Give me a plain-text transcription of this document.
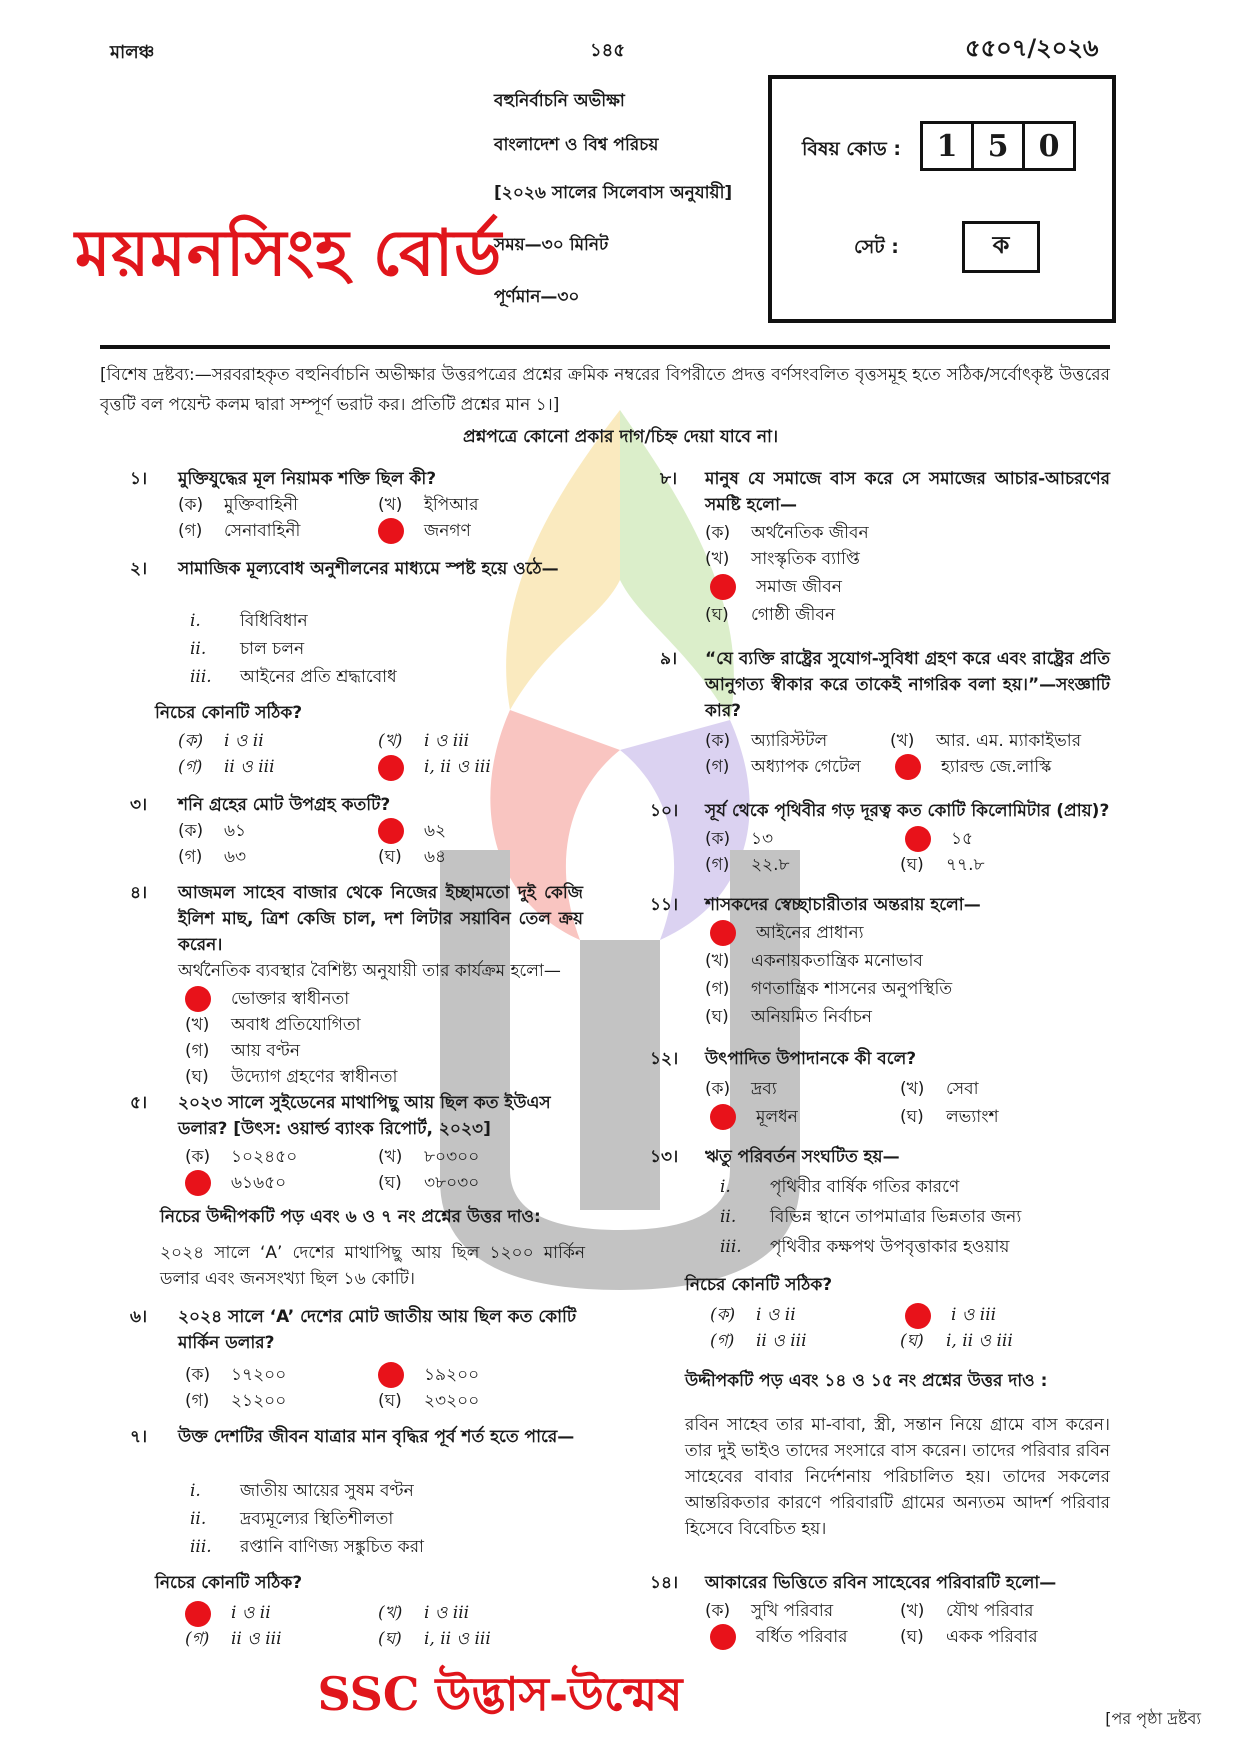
মালঞ্চ	১৪৫	৫৫০৭/২০২৬
বহুনির্বাচনি অভীক্ষা
বাংলাদেশ ও বিশ্ব পরিচয়
[২০২৬ সালের সিলেবাস অনুযায়ী]
সময়—৩০ মিনিট
পূর্ণমান—৩০
ময়মনসিংহ বোর্ড
বিষয় কোড :	1	5	0
সেট :	ক
[বিশেষ দ্রষ্টব্য:—সরবরাহকৃত বহুনির্বাচনি অভীক্ষার উত্তরপত্রের প্রশ্নের ক্রমিক নম্বরের বিপরীতে প্রদত্ত বর্ণসংবলিত বৃত্তসমূহ হতে সঠিক/সর্বোৎকৃষ্ট উত্তরের বৃত্তটি বল পয়েন্ট কলম দ্বারা সম্পূর্ণ ভরাট কর। প্রতিটি প্রশ্নের মান ১।]
প্রশ্নপত্রে কোনো প্রকার দাগ/চিহ্ন দেয়া যাবে না।
১। মুক্তিযুদ্ধের মূল নিয়ামক শক্তি ছিল কী?
(ক) মুক্তিবাহিনী	(খ) ইপিআর
(গ) সেনাবাহিনী	জনগণ
২। সামাজিক মূল্যবোধ অনুশীলনের মাধ্যমে স্পষ্ট হয়ে ওঠে—
i. বিধিবিধান
ii. চাল চলন
iii. আইনের প্রতি শ্রদ্ধাবোধ
নিচের কোনটি সঠিক?
(ক) i ও ii	(খ) i ও iii
(গ) ii ও iii	i, ii ও iii
৩। শনি গ্রহের মোট উপগ্রহ কতটি?
(ক) ৬১	৬২
(গ) ৬৩	(ঘ) ৬৪
৪। আজমল সাহেব বাজার থেকে নিজের ইচ্ছামতো দুই কেজি ইলিশ মাছ, ত্রিশ কেজি চাল, দশ লিটার সয়াবিন তেল ক্রয় করেন।
অর্থনৈতিক ব্যবস্থার বৈশিষ্ট্য অনুযায়ী তার কার্যক্রম হলো—
ভোক্তার স্বাধীনতা
(খ) অবাধ প্রতিযোগিতা
(গ) আয় বণ্টন
(ঘ) উদ্যোগ গ্রহণের স্বাধীনতা
৫। ২০২৩ সালে সুইডেনের মাথাপিছু আয় ছিল কত ইউএস ডলার? [উৎস: ওয়ার্ল্ড ব্যাংক রিপোর্ট, ২০২৩]
(ক) ১০২৪৫০	(খ) ৮০৩০০
৬১৬৫০	(ঘ) ৩৮০৩০
নিচের উদ্দীপকটি পড় এবং ৬ ও ৭ নং প্রশ্নের উত্তর দাও:
২০২৪ সালে ‘A’ দেশের মাথাপিছু আয় ছিল ১২০০ মার্কিন ডলার এবং জনসংখ্যা ছিল ১৬ কোটি।
৬। ২০২৪ সালে ‘A’ দেশের মোট জাতীয় আয় ছিল কত কোটি মার্কিন ডলার?
(ক) ১৭২০০	১৯২০০
(গ) ২১২০০	(ঘ) ২৩২০০
৭। উক্ত দেশটির জীবন যাত্রার মান বৃদ্ধির পূর্ব শর্ত হতে পারে—
i. জাতীয় আয়ের সুষম বণ্টন
ii. দ্রব্যমূল্যের স্থিতিশীলতা
iii. রপ্তানি বাণিজ্য সঙ্কুচিত করা
নিচের কোনটি সঠিক?
i ও ii	(খ) i ও iii
(গ) ii ও iii	(ঘ) i, ii ও iii
৮। মানুষ যে সমাজে বাস করে সে সমাজের আচার-আচরণের সমষ্টি হলো—
(ক) অর্থনৈতিক জীবন
(খ) সাংস্কৃতিক ব্যাপ্তি
সমাজ জীবন
(ঘ) গোষ্ঠী জীবন
৯। “যে ব্যক্তি রাষ্ট্রের সুযোগ-সুবিধা গ্রহণ করে এবং রাষ্ট্রের প্রতি আনুগত্য স্বীকার করে তাকেই নাগরিক বলা হয়।”—সংজ্ঞাটি কার?
(ক) অ্যারিস্টটল	(খ) আর. এম. ম্যাকাইভার
(গ) অধ্যাপক গেটেল	হ্যারল্ড জে.লাস্কি
১০। সূর্য থেকে পৃথিবীর গড় দূরত্ব কত কোটি কিলোমিটার (প্রায়)?
(ক) ১৩	১৫
(গ) ২২.৮	(ঘ) ৭৭.৮
১১। শাসকদের স্বেচ্ছাচারীতার অন্তরায় হলো—
আইনের প্রাধান্য
(খ) একনায়কতান্ত্রিক মনোভাব
(গ) গণতান্ত্রিক শাসনের অনুপস্থিতি
(ঘ) অনিয়মিত নির্বাচন
১২। উৎপাদিত উপাদানকে কী বলে?
(ক) দ্রব্য	(খ) সেবা
মূলধন	(ঘ) লভ্যাংশ
১৩। ঋতু পরিবর্তন সংঘটিত হয়—
i. পৃথিবীর বার্ষিক গতির কারণে
ii. বিভিন্ন স্থানে তাপমাত্রার ভিন্নতার জন্য
iii. পৃথিবীর কক্ষপথ উপবৃত্তাকার হওয়ায়
নিচের কোনটি সঠিক?
(ক) i ও ii	i ও iii
(গ) ii ও iii	(ঘ) i, ii ও iii
উদ্দীপকটি পড় এবং ১৪ ও ১৫ নং প্রশ্নের উত্তর দাও :
রবিন সাহেব তার মা-বাবা, স্ত্রী, সন্তান নিয়ে গ্রামে বাস করেন। তার দুই ভাইও তাদের সংসারে বাস করেন। তাদের পরিবার রবিন সাহেবের বাবার নির্দেশনায় পরিচালিত হয়। তাদের সকলের আন্তরিকতার কারণে পরিবারটি গ্রামের অন্যতম আদর্শ পরিবার হিসেবে বিবেচিত হয়।
১৪। আকারের ভিত্তিতে রবিন সাহেবের পরিবারটি হলো—
(ক) সুখি পরিবার	(খ) যৌথ পরিবার
বর্ধিত পরিবার	(ঘ) একক পরিবার
SSC উদ্ভাস-উন্মেষ	[পর পৃষ্ঠা দ্রষ্টব্য
